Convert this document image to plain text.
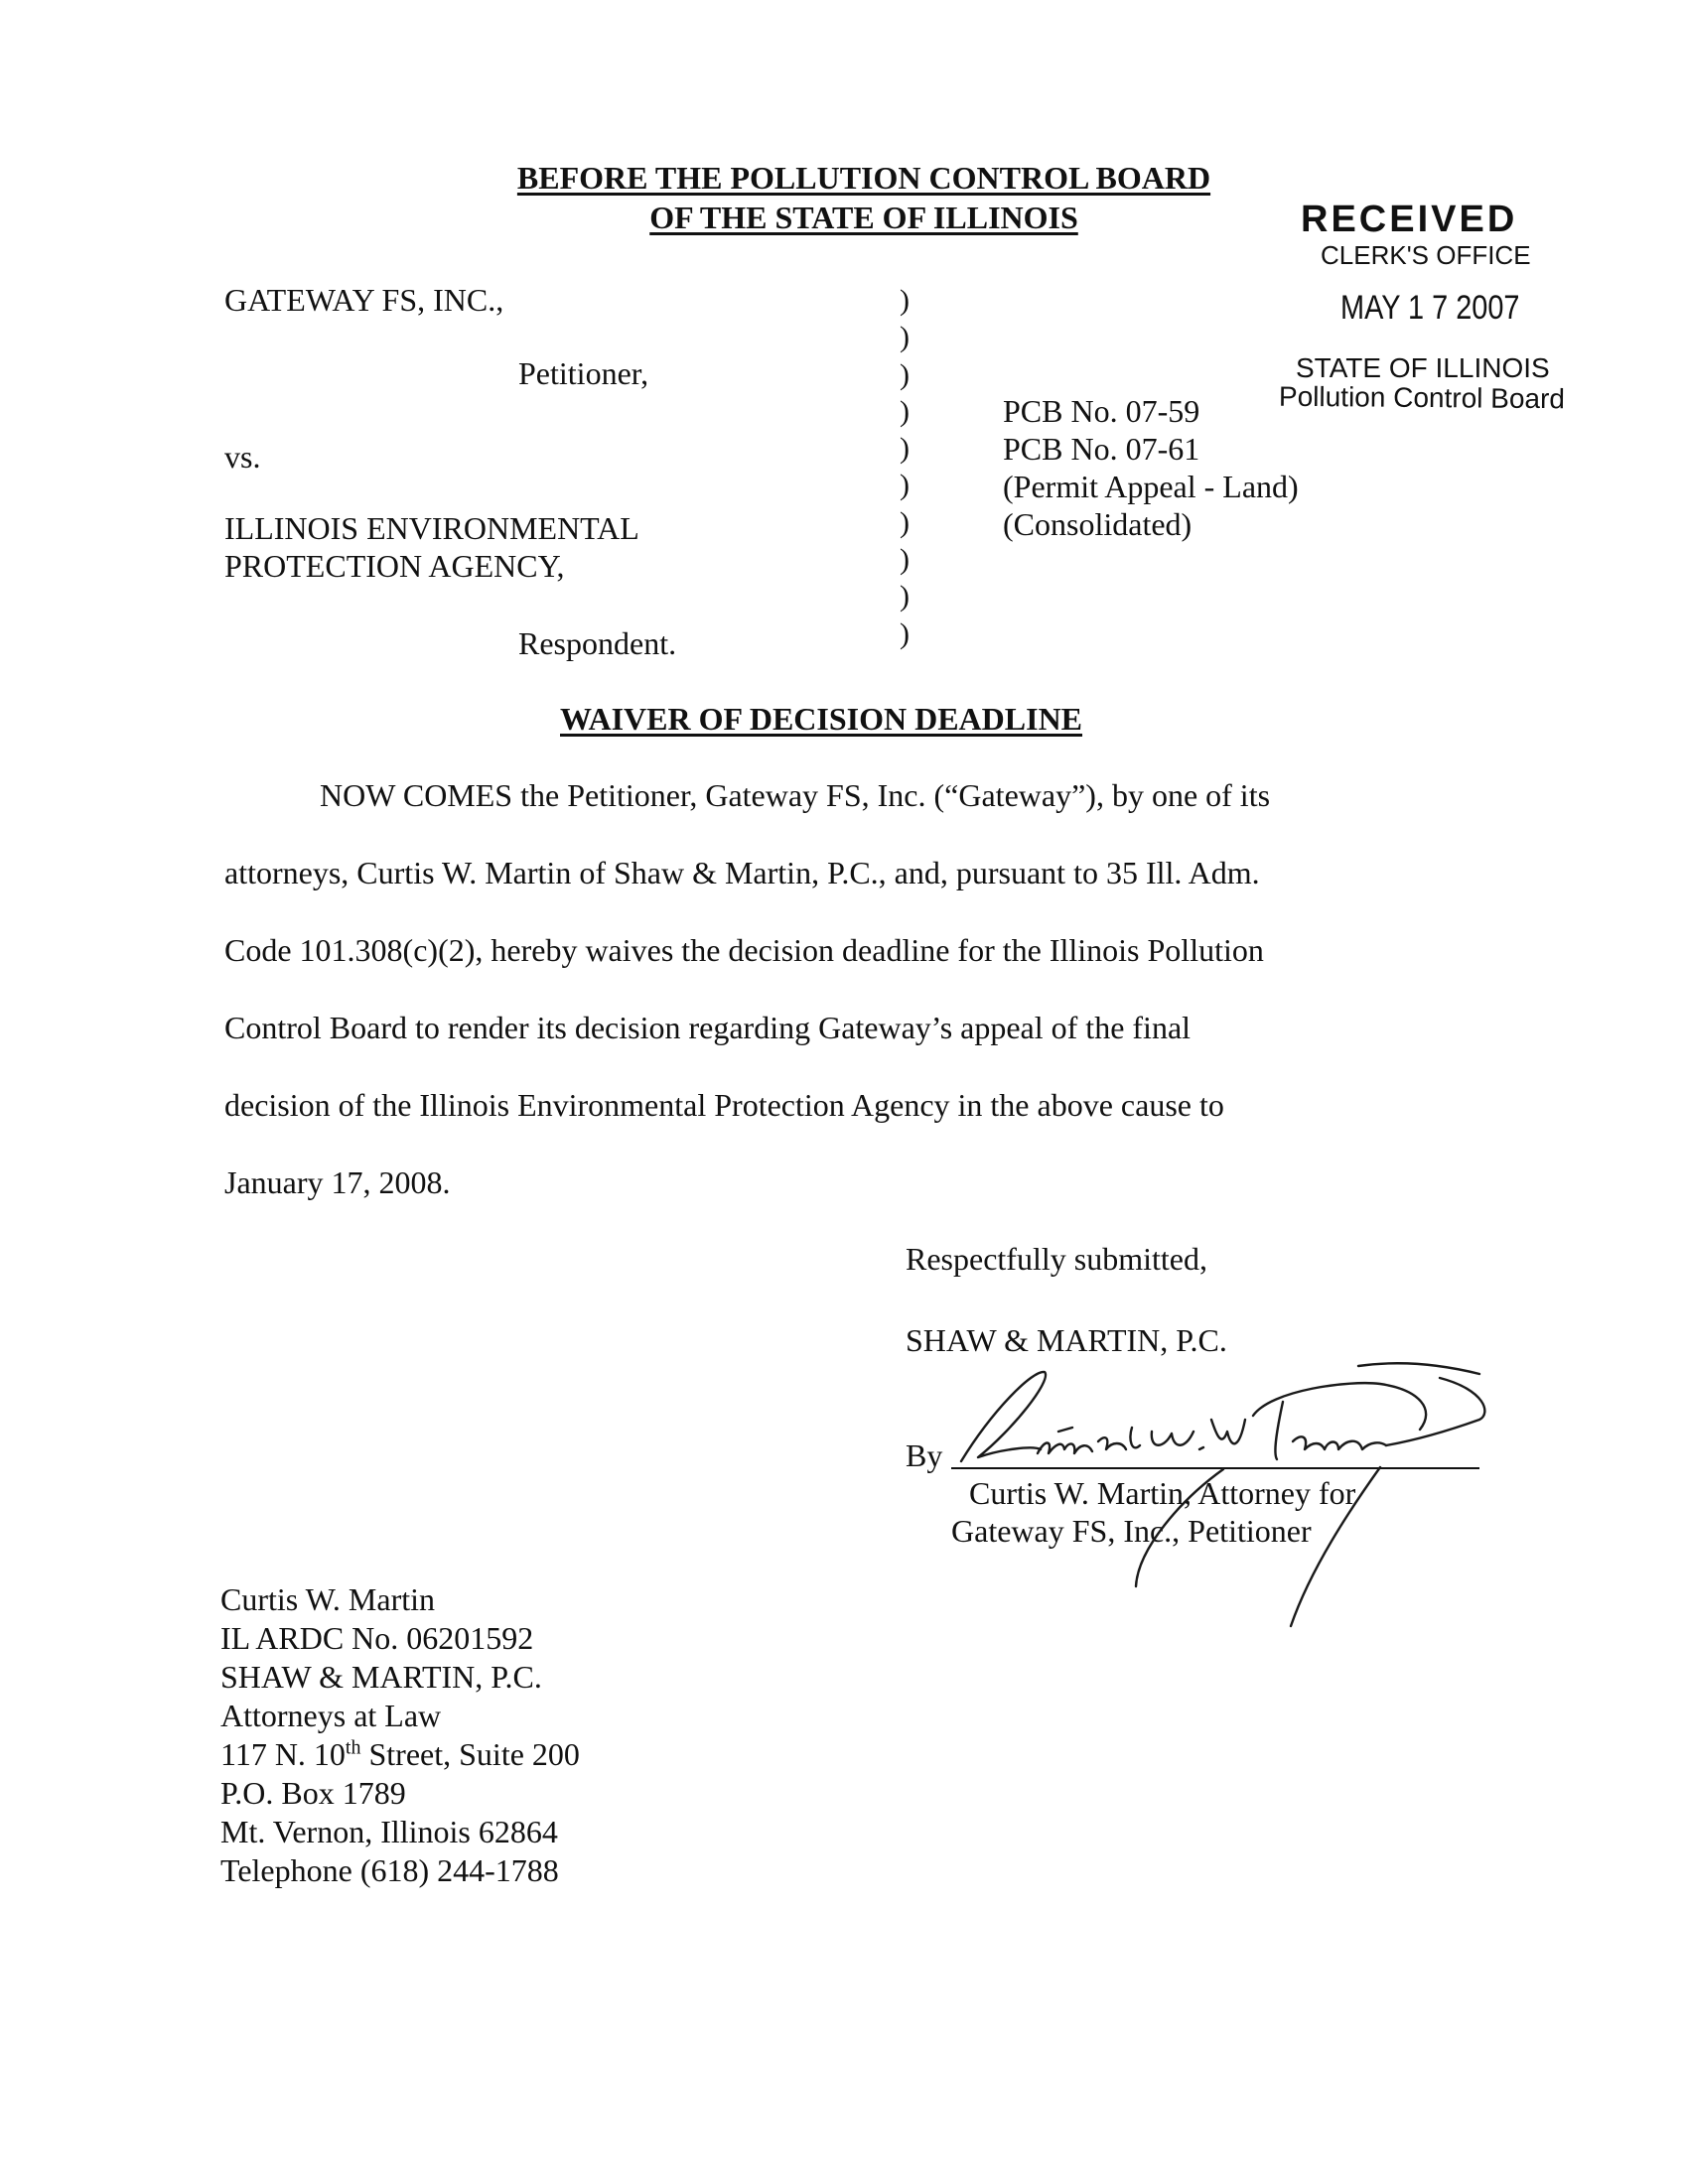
BEFORE THE POLLUTION CONTROL BOARD
OF THE STATE OF ILLINOIS	RECEIVED
CLERK'S OFFICE
MAY 1 7 2007
STATE OF ILLINOIS
Pollution Control Board
GATEWAY FS, INC.,
Petitioner,
vs.
ILLINOIS ENVIRONMENTAL
PROTECTION AGENCY,
Respondent.
)
)
)
)
)
)
)
)
)
)
PCB No. 07-59
PCB No. 07-61
(Permit Appeal - Land)
(Consolidated)
WAIVER OF DECISION DEADLINE
NOW COMES the Petitioner, Gateway FS, Inc. (“Gateway”), by one of its
attorneys, Curtis W. Martin of Shaw & Martin, P.C., and, pursuant to 35 Ill. Adm.
Code 101.308(c)(2), hereby waives the decision deadline for the Illinois Pollution
Control Board to render its decision regarding Gateway’s appeal of the final
decision of the Illinois Environmental Protection Agency in the above cause to
January 17, 2008.
Respectfully submitted,
SHAW & MARTIN, P.C.
By
Curtis W. Martin, Attorney for
Gateway FS, Inc., Petitioner
Curtis W. Martin
IL ARDC No. 06201592
SHAW & MARTIN, P.C.
Attorneys at Law
117 N. 10th Street, Suite 200
P.O. Box 1789
Mt. Vernon, Illinois 62864
Telephone (618) 244-1788
